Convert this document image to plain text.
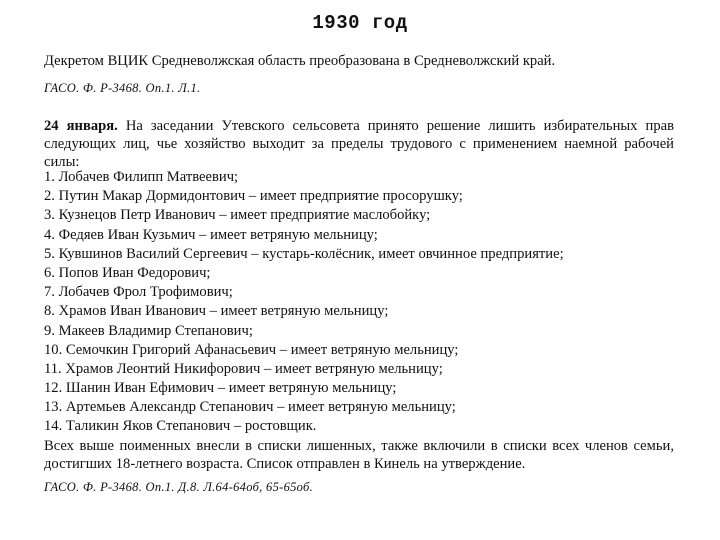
1930 год
Декретом ВЦИК Средневолжская область преобразована в Средневолжский край.
ГАСО. Ф. Р-3468. Оп.1. Л.1.
24 января. На заседании Утевского сельсовета принято решение лишить избирательных прав следующих лиц, чье хозяйство выходит за пределы трудового с применением наемной рабочей силы:
1. Лобачев Филипп Матвеевич;
2. Путин Макар Дормидонтович – имеет предприятие просорушку;
3. Кузнецов Петр Иванович – имеет предприятие маслобойку;
4. Федяев Иван Кузьмич – имеет ветряную мельницу;
5. Кувшинов Василий Сергеевич – кустарь-колёсник, имеет овчинное предприятие;
6. Попов Иван Федорович;
7. Лобачев Фрол Трофимович;
8. Храмов Иван Иванович – имеет ветряную мельницу;
9. Макеев Владимир Степанович;
10. Семочкин Григорий Афанасьевич – имеет ветряную мельницу;
11. Храмов Леонтий Никифорович – имеет ветряную мельницу;
12. Шанин Иван Ефимович – имеет ветряную мельницу;
13. Артемьев Александр Степанович – имеет ветряную мельницу;
14. Таликин Яков Степанович – ростовщик.
Всех выше поименных внесли в списки лишенных, также включили в списки всех членов семьи, достигших 18-летнего возраста. Список отправлен в Кинель на утверждение.
ГАСО. Ф. Р-3468. Оп.1. Д.8. Л.64-64об, 65-65об.
